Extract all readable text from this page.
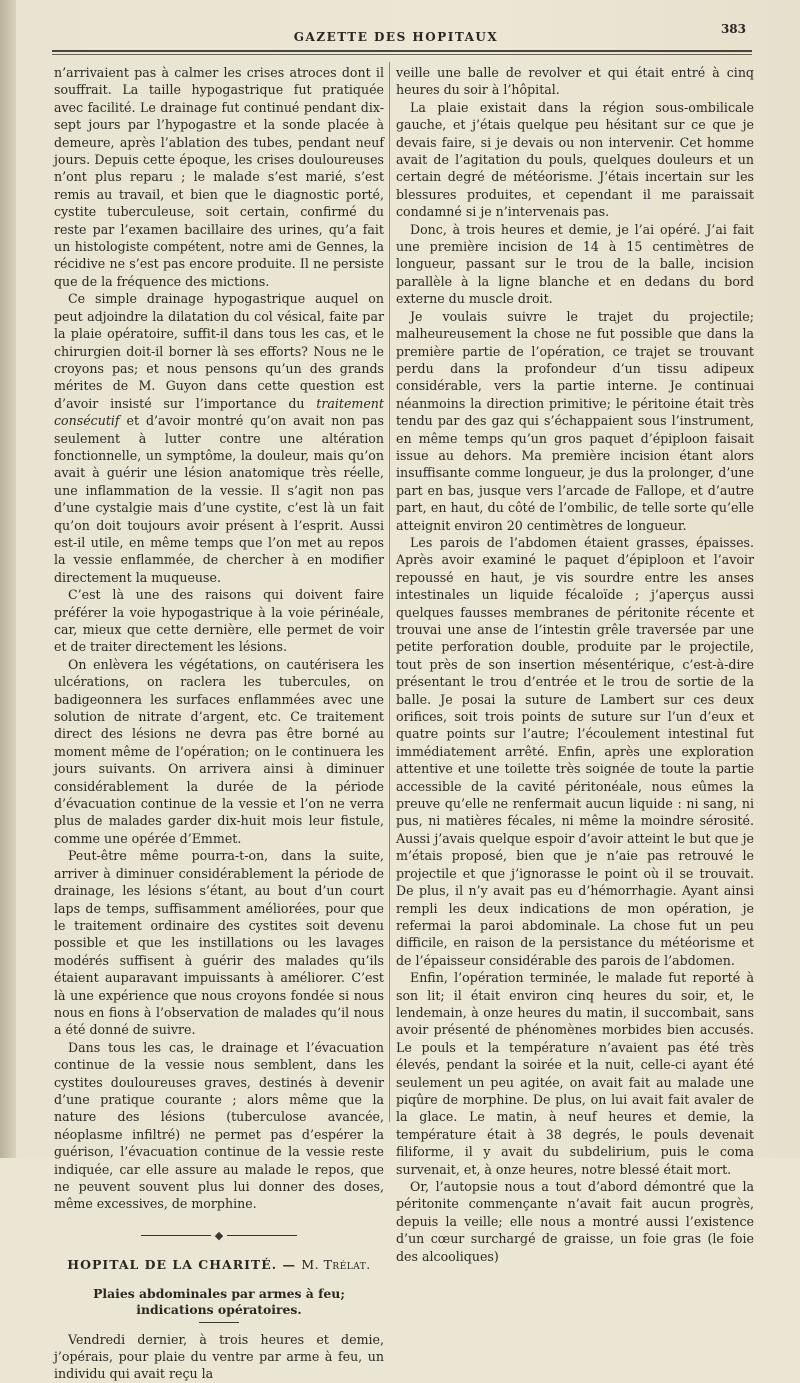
GAZETTE DES HOPITAUX
383

n’arrivaient pas à calmer les crises atroces dont il souffrait. La taille hypogastrique fut pratiquée avec facilité. Le drainage fut continué pendant dix-sept jours par l’hypogastre et la sonde placée à demeure, après l’ablation des tubes, pendant neuf jours. Depuis cette époque, les crises douloureuses n’ont plus reparu ; le malade s’est marié, s’est remis au travail, et bien que le diagnostic porté, cystite tuberculeuse, soit certain, confirmé du reste par l’examen bacillaire des urines, qu’a fait un histologiste compétent, notre ami de Gennes, la récidive ne s’est pas encore produite. Il ne persiste que de la fréquence des mictions.

Ce simple drainage hypogastrique auquel on peut adjoindre la dilatation du col vésical, faite par la plaie opératoire, suffit-il dans tous les cas, et le chirurgien doit-il borner là ses efforts? Nous ne le croyons pas; et nous pensons qu’un des grands mérites de M. Guyon dans cette question est d’avoir insisté sur l’importance du traitement consécutif et d’avoir montré qu’on avait non pas seulement à lutter contre une altération fonctionnelle, un symptôme, la douleur, mais qu’on avait à guérir une lésion anatomique très réelle, une inflammation de la vessie. Il s’agit non pas d’une cystalgie mais d’une cystite, c’est là un fait qu’on doit toujours avoir présent à l’esprit. Aussi est-il utile, en même temps que l’on met au repos la vessie enflammée, de chercher à en modifier directement la muqueuse.

C’est là une des raisons qui doivent faire préférer la voie hypogastrique à la voie périnéale, car, mieux que cette dernière, elle permet de voir et de traiter directement les lésions.

On enlèvera les végétations, on cautérisera les ulcérations, on raclera les tubercules, on badigeonnera les surfaces enflammées avec une solution de nitrate d’argent, etc. Ce traitement direct des lésions ne devra pas être borné au moment même de l’opération; on le continuera les jours suivants. On arrivera ainsi à diminuer considérablement la durée de la période d’évacuation continue de la vessie et l’on ne verra plus de malades garder dix-huit mois leur fistule, comme une opérée d’Emmet.

Peut-être même pourra-t-on, dans la suite, arriver à diminuer considérablement la période de drainage, les lésions s’étant, au bout d’un court laps de temps, suffisamment améliorées, pour que le traitement ordinaire des cystites soit devenu possible et que les instillations ou les lavages modérés suffisent à guérir des malades qu’ils étaient auparavant impuissants à améliorer. C’est là une expérience que nous croyons fondée si nous nous en fions à l’observation de malades qu’il nous a été donné de suivre.

Dans tous les cas, le drainage et l’évacuation continue de la vessie nous semblent, dans les cystites douloureuses graves, destinés à devenir d’une pratique courante ; alors même que la nature des lésions (tuberculose avancée, néoplasme infiltré) ne permet pas d’espérer la guérison, l’évacuation continue de la vessie reste indiquée, car elle assure au malade le repos, que ne peuvent souvent plus lui donner des doses, même excessives, de morphine.

◆
HOPITAL DE LA CHARITÉ. — M. Trélat.
Plaies abdominales par armes à feu; indications opératoires.

Vendredi dernier, à trois heures et demie, j’opérais, pour plaie du ventre par arme à feu, un individu qui avait reçu la

veille une balle de revolver et qui était entré à cinq heures du soir à l’hôpital.

La plaie existait dans la région sous-ombilicale gauche, et j’étais quelque peu hésitant sur ce que je devais faire, si je devais ou non intervenir. Cet homme avait de l’agitation du pouls, quelques douleurs et un certain degré de météorisme. J’étais incertain sur les blessures produites, et cependant il me paraissait condamné si je n’intervenais pas.

Donc, à trois heures et demie, je l’ai opéré. J’ai fait une première incision de 14 à 15 centimètres de longueur, passant sur le trou de la balle, incision parallèle à la ligne blanche et en dedans du bord externe du muscle droit.

Je voulais suivre le trajet du projectile; malheureusement la chose ne fut possible que dans la première partie de l’opération, ce trajet se trouvant perdu dans la profondeur d’un tissu adipeux considérable, vers la partie interne. Je continuai néanmoins la direction primitive; le péritoine était très tendu par des gaz qui s’échappaient sous l’instrument, en même temps qu’un gros paquet d’épiploon faisait issue au dehors. Ma première incision étant alors insuffisante comme longueur, je dus la prolonger, d’une part en bas, jusque vers l’arcade de Fallope, et d’autre part, en haut, du côté de l’ombilic, de telle sorte qu’elle atteignit environ 20 centimètres de longueur.

Les parois de l’abdomen étaient grasses, épaisses. Après avoir examiné le paquet d’épiploon et l’avoir repoussé en haut, je vis sourdre entre les anses intestinales un liquide fécaloïde ; j’aperçus aussi quelques fausses membranes de péritonite récente et trouvai une anse de l’intestin grêle traversée par une petite perforation double, produite par le projectile, tout près de son insertion mésentérique, c’est-à-dire présentant le trou d’entrée et le trou de sortie de la balle. Je posai la suture de Lambert sur ces deux orifices, soit trois points de suture sur l’un d’eux et quatre points sur l’autre; l’écoulement intestinal fut immédiatement arrêté. Enfin, après une exploration attentive et une toilette très soignée de toute la partie accessible de la cavité péritonéale, nous eûmes la preuve qu’elle ne renfermait aucun liquide : ni sang, ni pus, ni matières fécales, ni même la moindre sérosité. Aussi j’avais quelque espoir d’avoir atteint le but que je m’étais proposé, bien que je n’aie pas retrouvé le projectile et que j’ignorasse le point où il se trouvait. De plus, il n’y avait pas eu d’hémorrhagie. Ayant ainsi rempli les deux indications de mon opération, je refermai la paroi abdominale. La chose fut un peu difficile, en raison de la persistance du météorisme et de l’épaisseur considérable des parois de l’abdomen.

Enfin, l’opération terminée, le malade fut reporté à son lit; il était environ cinq heures du soir, et, le lendemain, à onze heures du matin, il succombait, sans avoir présenté de phénomènes morbides bien accusés. Le pouls et la température n’avaient pas été très élevés, pendant la soirée et la nuit, celle-ci ayant été seulement un peu agitée, on avait fait au malade une piqûre de morphine. De plus, on lui avait fait avaler de la glace. Le matin, à neuf heures et demie, la température était à 38 degrés, le pouls devenait filiforme, il y avait du subdelirium, puis le coma survenait, et, à onze heures, notre blessé était mort.

Or, l’autopsie nous a tout d’abord démontré que la péritonite commençante n’avait fait aucun progrès, depuis la veille; elle nous a montré aussi l’existence d’un cœur surchargé de graisse, un foie gras (le foie des alcooliques)
